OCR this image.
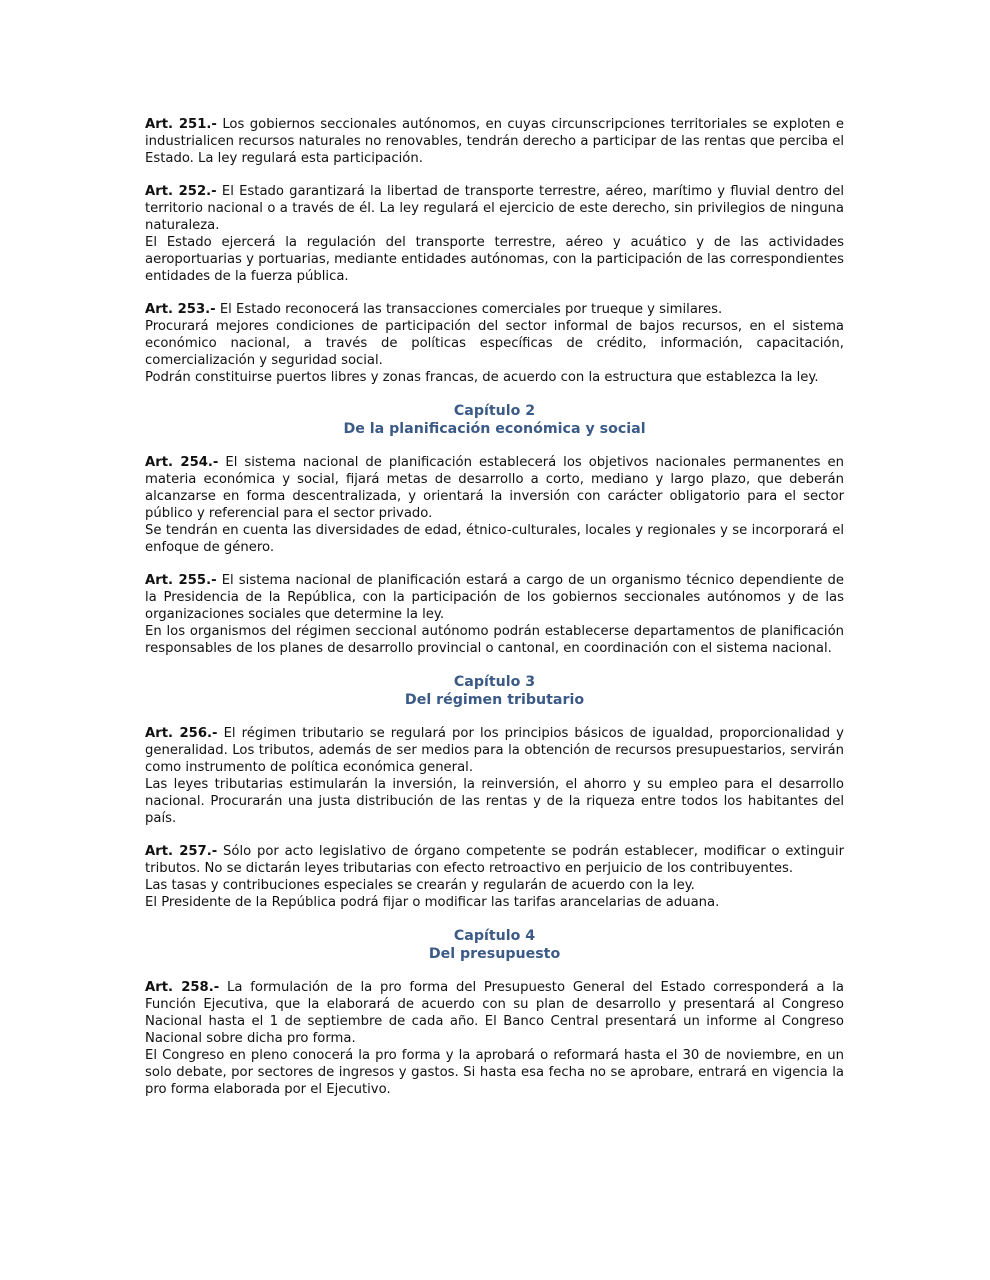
Art. 251.- Los gobiernos seccionales autónomos, en cuyas circunscripciones territoriales se exploten e industrialicen recursos naturales no renovables, tendrán derecho a participar de las rentas que perciba el Estado. La ley regulará esta participación.

Art. 252.- El Estado garantizará la libertad de transporte terrestre, aéreo, marítimo y fluvial dentro del territorio nacional o a través de él. La ley regulará el ejercicio de este derecho, sin privilegios de ninguna naturaleza.

El Estado ejercerá la regulación del transporte terrestre, aéreo y acuático y de las actividades aeroportuarias y portuarias, mediante entidades autónomas, con la participación de las correspondientes entidades de la fuerza pública.

Art. 253.- El Estado reconocerá las transacciones comerciales por trueque y similares.

Procurará mejores condiciones de participación del sector informal de bajos recursos, en el sistema económico nacional, a través de políticas específicas de crédito, información, capacitación, comercialización y seguridad social.

Podrán constituirse puertos libres y zonas francas, de acuerdo con la estructura que establezca la ley.

Capítulo 2
De la planificación económica y social

Art. 254.- El sistema nacional de planificación establecerá los objetivos nacionales permanentes en materia económica y social, fijará metas de desarrollo a corto, mediano y largo plazo, que deberán alcanzarse en forma descentralizada, y orientará la inversión con carácter obligatorio para el sector público y referencial para el sector privado.

Se tendrán en cuenta las diversidades de edad, étnico-culturales, locales y regionales y se incorporará el enfoque de género.

Art. 255.- El sistema nacional de planificación estará a cargo de un organismo técnico dependiente de la Presidencia de la República, con la participación de los gobiernos seccionales autónomos y de las organizaciones sociales que determine la ley.

En los organismos del régimen seccional autónomo podrán establecerse departamentos de planificación responsables de los planes de desarrollo provincial o cantonal, en coordinación con el sistema nacional.

Capítulo 3
Del régimen tributario

Art. 256.- El régimen tributario se regulará por los principios básicos de igualdad, proporcionalidad y generalidad. Los tributos, además de ser medios para la obtención de recursos presupuestarios, servirán como instrumento de política económica general.

Las leyes tributarias estimularán la inversión, la reinversión, el ahorro y su empleo para el desarrollo nacional. Procurarán una justa distribución de las rentas y de la riqueza entre todos los habitantes del país.

Art. 257.- Sólo por acto legislativo de órgano competente se podrán establecer, modificar o extinguir tributos. No se dictarán leyes tributarias con efecto retroactivo en perjuicio de los contribuyentes.

Las tasas y contribuciones especiales se crearán y regularán de acuerdo con la ley.

El Presidente de la República podrá fijar o modificar las tarifas arancelarias de aduana.

Capítulo 4
Del presupuesto

Art. 258.- La formulación de la pro forma del Presupuesto General del Estado corresponderá a la Función Ejecutiva, que la elaborará de acuerdo con su plan de desarrollo y presentará al Congreso Nacional hasta el 1 de septiembre de cada año. El Banco Central presentará un informe al Congreso Nacional sobre dicha pro forma.

El Congreso en pleno conocerá la pro forma y la aprobará o reformará hasta el 30 de noviembre, en un solo debate, por sectores de ingresos y gastos. Si hasta esa fecha no se aprobare, entrará en vigencia la pro forma elaborada por el Ejecutivo.
